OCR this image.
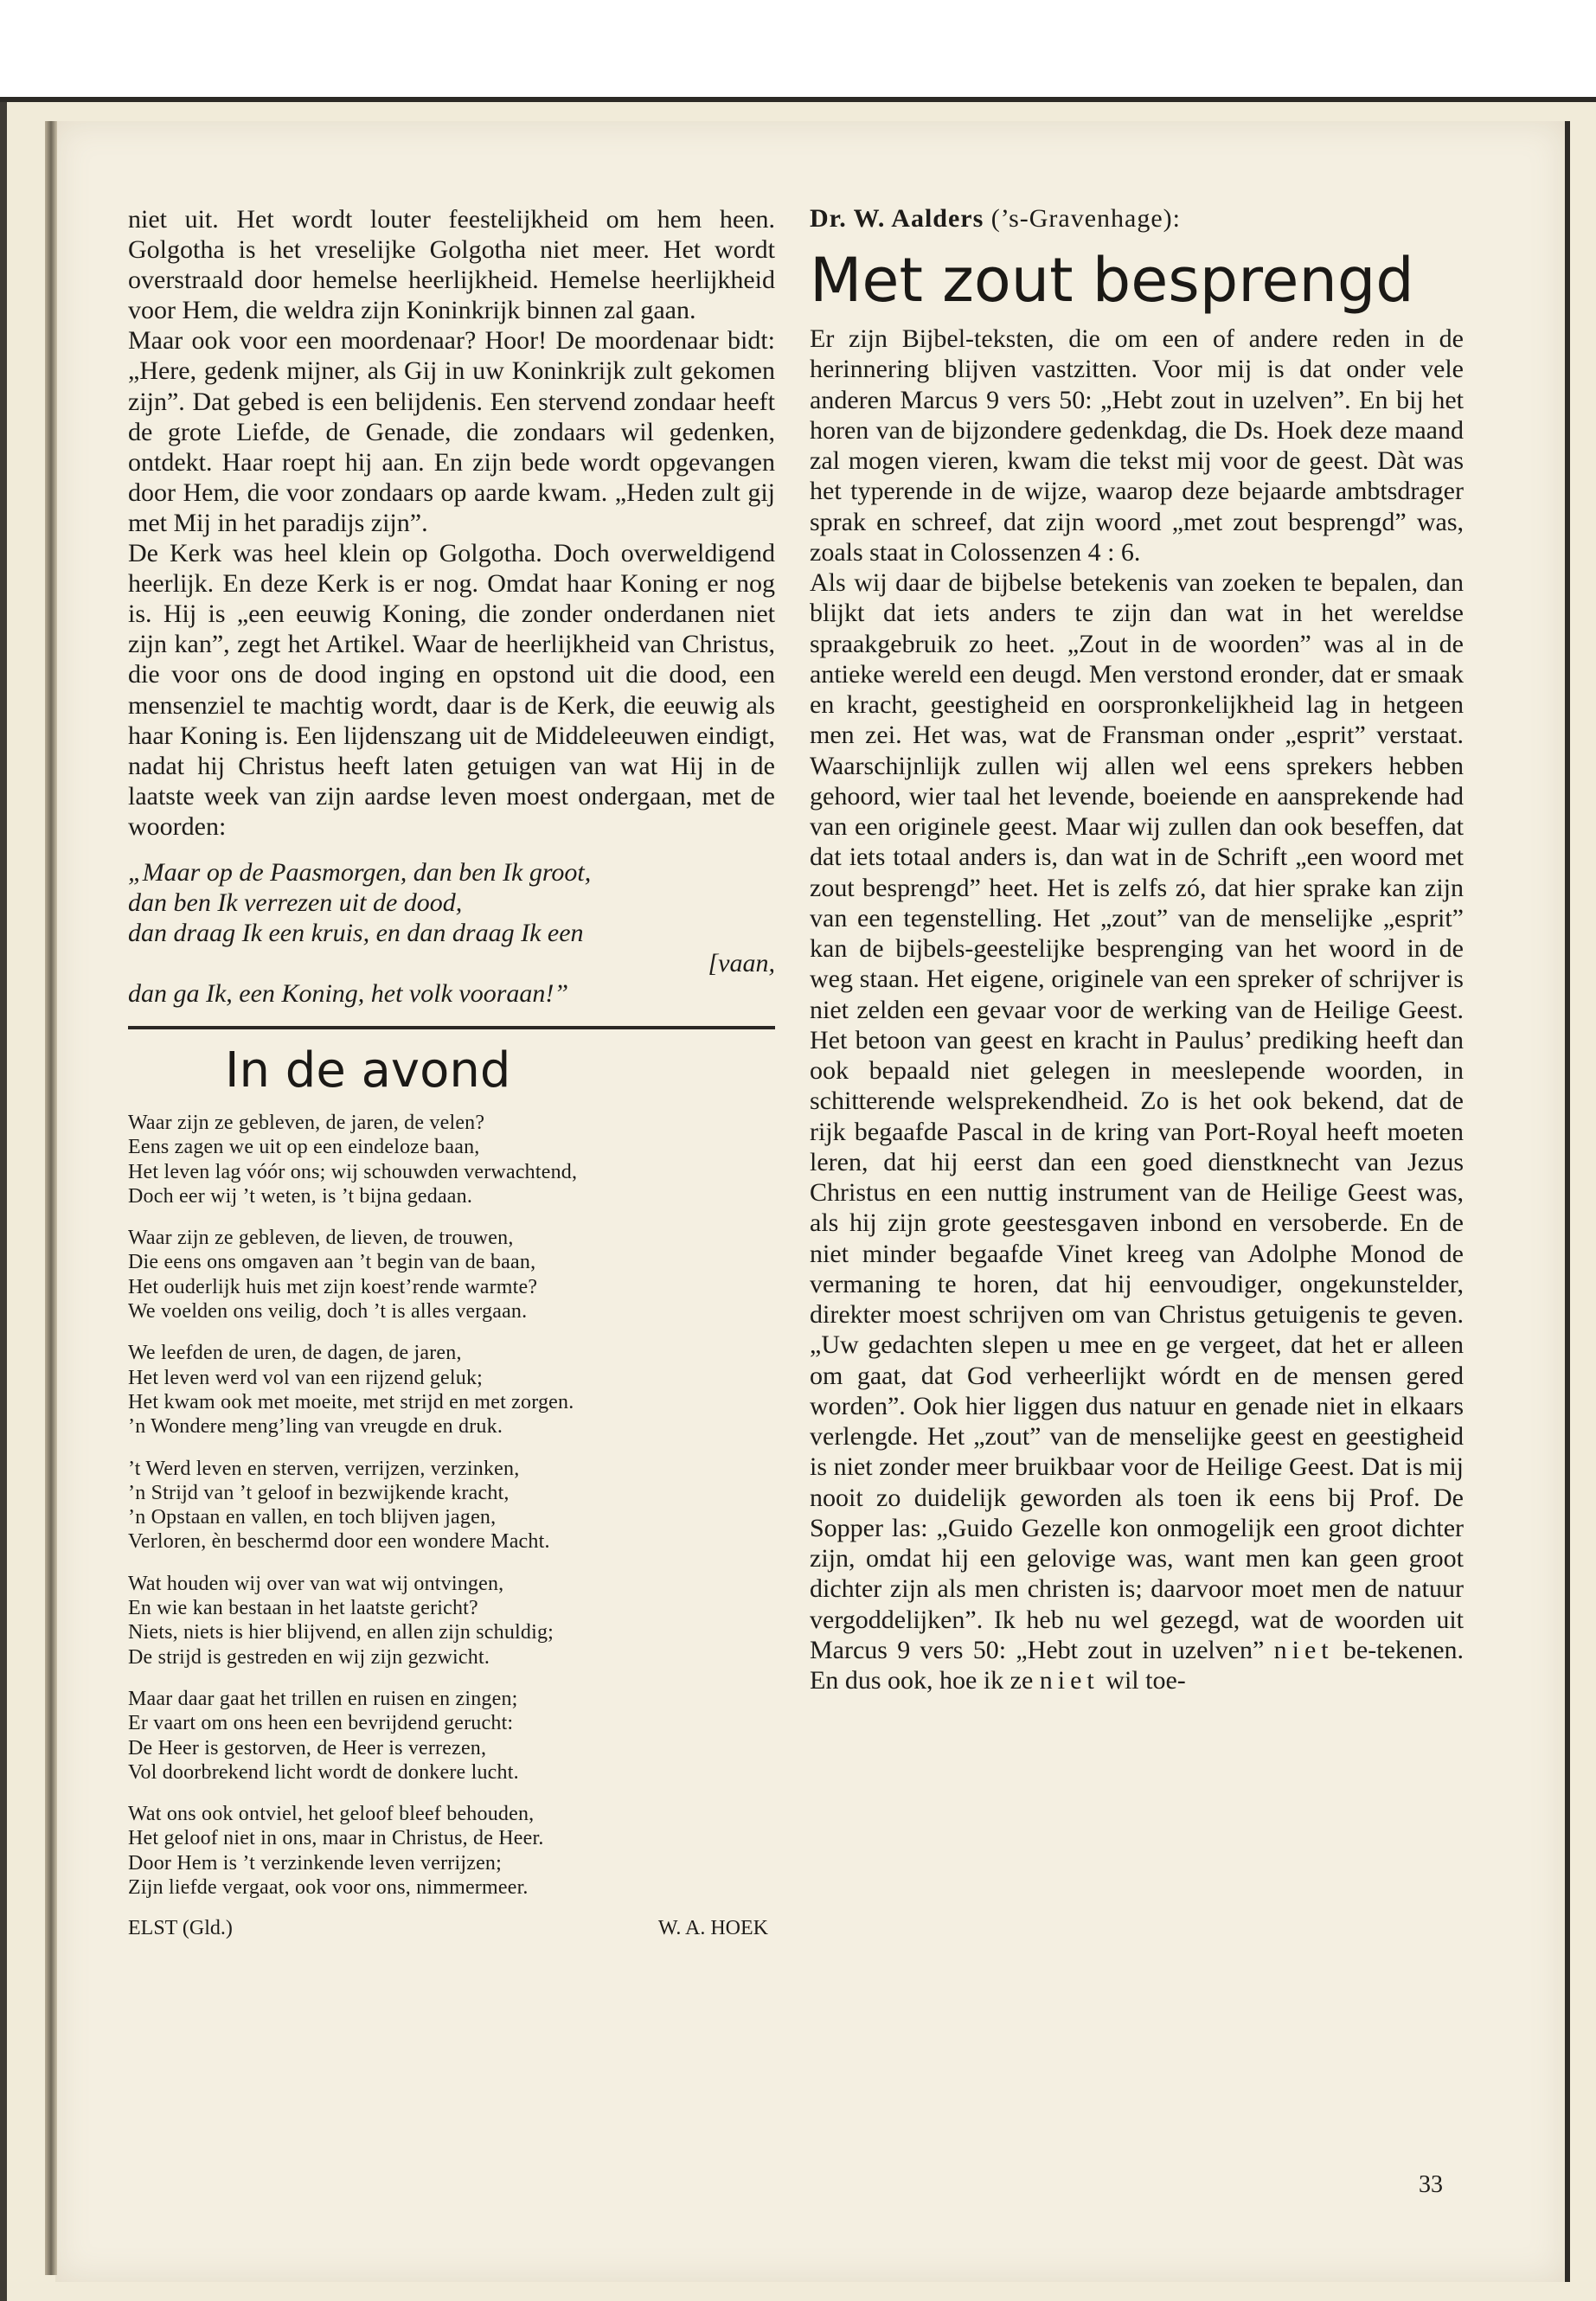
niet uit. Het wordt louter feestelijkheid om hem heen. Golgotha is het vreselijke Golgotha niet meer. Het wordt overstraald door hemelse heerlijkheid. Hemelse heerlijkheid voor Hem, die weldra zijn Koninkrijk binnen zal gaan.

Maar ook voor een moordenaar? Hoor! De moordenaar bidt: „Here, gedenk mijner, als Gij in uw Koninkrijk zult gekomen zijn”. Dat gebed is een belijdenis. Een stervend zondaar heeft de grote Liefde, de Genade, die zondaars wil gedenken, ontdekt. Haar roept hij aan. En zijn bede wordt opgevangen door Hem, die voor zondaars op aarde kwam. „Heden zult gij met Mij in het paradijs zijn”.

De Kerk was heel klein op Golgotha. Doch overweldigend heerlijk. En deze Kerk is er nog. Omdat haar Koning er nog is. Hij is „een eeuwig Koning, die zonder onderdanen niet zijn kan”, zegt het Artikel. Waar de heerlijkheid van Christus, die voor ons de dood inging en opstond uit die dood, een mensenziel te machtig wordt, daar is de Kerk, die eeuwig als haar Koning is. Een lijdenszang uit de Middeleeuwen eindigt, nadat hij Christus heeft laten getuigen van wat Hij in de laatste week van zijn aardse leven moest ondergaan, met de woorden:

„Maar op de Paasmorgen, dan ben Ik groot,
dan ben Ik verrezen uit de dood,
dan draag Ik een kruis, en dan draag Ik een
[vaan,
dan ga Ik, een Koning, het volk vooraan!”
In de avond
Waar zijn ze gebleven, de jaren, de velen?
Eens zagen we uit op een eindeloze baan,
Het leven lag vóór ons; wij schouwden verwachtend,
Doch eer wij ’t weten, is ’t bijna gedaan.
Waar zijn ze gebleven, de lieven, de trouwen,
Die eens ons omgaven aan ’t begin van de baan,
Het ouderlijk huis met zijn koest’rende warmte?
We voelden ons veilig, doch ’t is alles vergaan.
We leefden de uren, de dagen, de jaren,
Het leven werd vol van een rijzend geluk;
Het kwam ook met moeite, met strijd en met zorgen.
’n Wondere meng’ling van vreugde en druk.
’t Werd leven en sterven, verrijzen, verzinken,
’n Strijd van ’t geloof in bezwijkende kracht,
’n Opstaan en vallen, en toch blijven jagen,
Verloren, èn beschermd door een wondere Macht.
Wat houden wij over van wat wij ontvingen,
En wie kan bestaan in het laatste gericht?
Niets, niets is hier blijvend, en allen zijn schuldig;
De strijd is gestreden en wij zijn gezwicht.
Maar daar gaat het trillen en ruisen en zingen;
Er vaart om ons heen een bevrijdend gerucht:
De Heer is gestorven, de Heer is verrezen,
Vol doorbrekend licht wordt de donkere lucht.
Wat ons ook ontviel, het geloof bleef behouden,
Het geloof niet in ons, maar in Christus, de Heer.
Door Hem is ’t verzinkende leven verrijzen;
Zijn liefde vergaat, ook voor ons, nimmermeer.
ELST (Gld.)	W. A. HOEK
Dr. W. Aalders (’s-Gravenhage):
Met zout besprengd

Er zijn Bijbel-teksten, die om een of andere reden in de herinnering blijven vastzitten. Voor mij is dat onder vele anderen Marcus 9 vers 50: „Hebt zout in uzelven”. En bij het horen van de bijzondere gedenkdag, die Ds. Hoek deze maand zal mogen vieren, kwam die tekst mij voor de geest. Dàt was het typerende in de wijze, waarop deze bejaarde ambtsdrager sprak en schreef, dat zijn woord „met zout besprengd” was, zoals staat in Colossenzen 4 : 6.

Als wij daar de bijbelse betekenis van zoeken te bepalen, dan blijkt dat iets anders te zijn dan wat in het wereldse spraakgebruik zo heet. „Zout in de woorden” was al in de antieke wereld een deugd. Men verstond eronder, dat er smaak en kracht, geestigheid en oorspronkelijkheid lag in hetgeen men zei. Het was, wat de Fransman onder „esprit” verstaat. Waarschijnlijk zullen wij allen wel eens sprekers hebben gehoord, wier taal het levende, boeiende en aansprekende had van een originele geest. Maar wij zullen dan ook beseffen, dat dat iets totaal anders is, dan wat in de Schrift „een woord met zout besprengd” heet. Het is zelfs zó, dat hier sprake kan zijn van een tegenstelling. Het „zout” van de menselijke „esprit” kan de bijbels-geestelijke besprenging van het woord in de weg staan. Het eigene, originele van een spreker of schrijver is niet zelden een gevaar voor de werking van de Heilige Geest. Het betoon van geest en kracht in Paulus’ prediking heeft dan ook bepaald niet gelegen in meeslepende woorden, in schitterende welsprekendheid. Zo is het ook bekend, dat de rijk begaafde Pascal in de kring van Port-Royal heeft moeten leren, dat hij eerst dan een goed dienstknecht van Jezus Christus en een nuttig instrument van de Heilige Geest was, als hij zijn grote geestesgaven inbond en versoberde. En de niet minder begaafde Vinet kreeg van Adolphe Monod de vermaning te horen, dat hij eenvoudiger, ongekunstelder, direkter moest schrijven om van Christus getuigenis te geven. „Uw gedachten slepen u mee en ge vergeet, dat het er alleen om gaat, dat God verheerlijkt wórdt en de mensen gered worden”. Ook hier liggen dus natuur en genade niet in elkaars verlengde. Het „zout” van de menselijke geest en geestigheid is niet zonder meer bruikbaar voor de Heilige Geest. Dat is mij nooit zo duidelijk geworden als toen ik eens bij Prof. De Sopper las: „Guido Gezelle kon onmogelijk een groot dichter zijn, omdat hij een gelovige was, want men kan geen groot dichter zijn als men christen is; daarvoor moet men de natuur vergoddelijken”. Ik heb nu wel gezegd, wat de woorden uit Marcus 9 vers 50: „Hebt zout in uzelven” niet be-tekenen. En dus ook, hoe ik ze niet wil toe-

33
